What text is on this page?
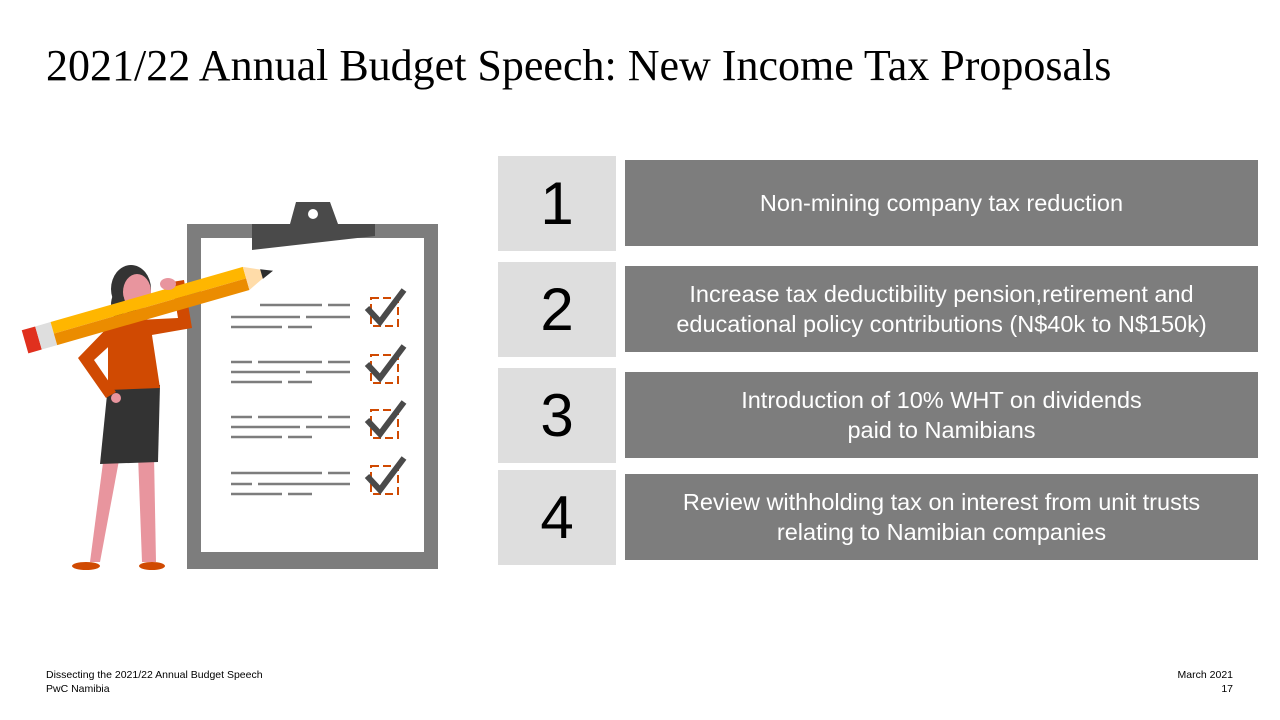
2021/22 Annual Budget Speech: New Income Tax Proposals
1	Non-mining company tax reduction
2	Increase tax deductibility pension,retirement and
educational policy contributions (N$40k to N$150k)
3	Introduction of 10% WHT on dividends
paid to Namibians
4	Review withholding tax on interest from unit trusts
relating to Namibian companies
Dissecting the 2021/22 Annual Budget Speech
PwC Namibia
March 2021
17
